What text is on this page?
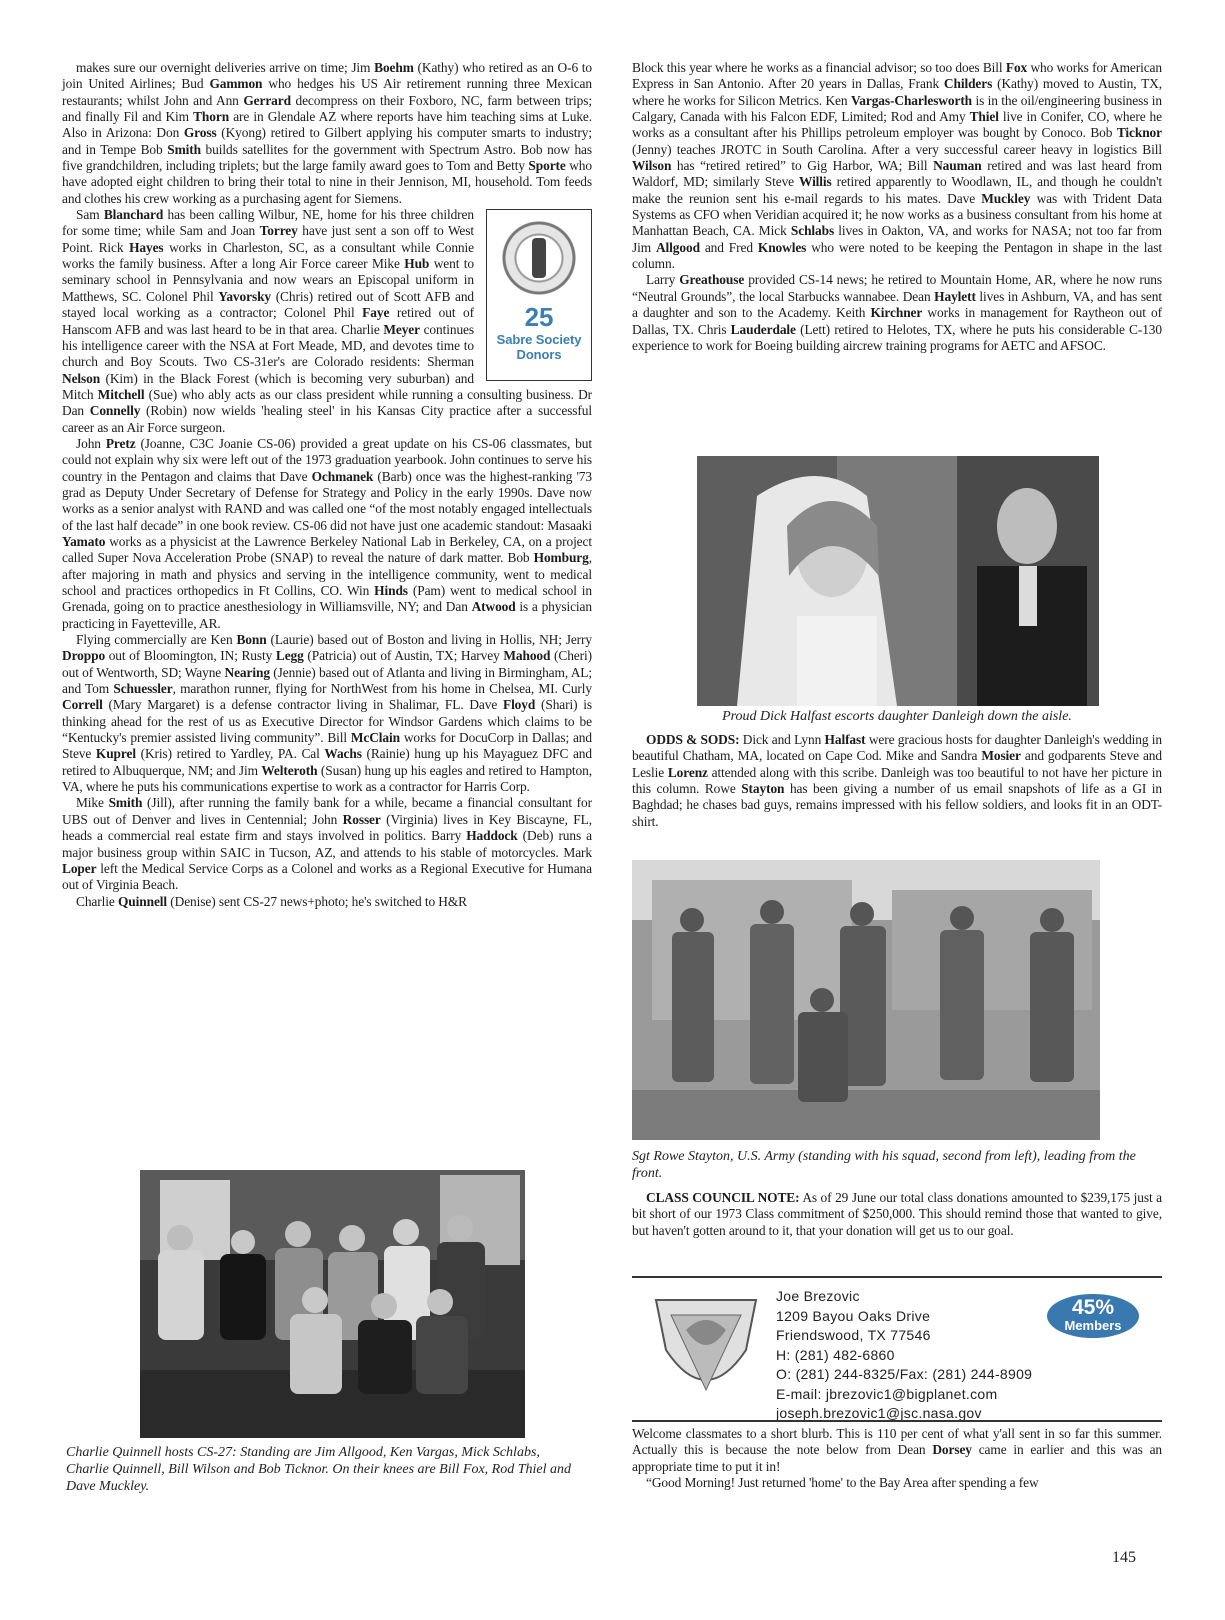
makes sure our overnight deliveries arrive on time; Jim Boehm (Kathy) who retired as an O-6 to join United Airlines; Bud Gammon who hedges his US Air retirement running three Mexican restaurants; whilst John and Ann Gerrard decompress on their Foxboro, NC, farm between trips; and finally Fil and Kim Thorn are in Glendale AZ where reports have him teaching sims at Luke. Also in Arizona: Don Gross (Kyong) retired to Gilbert applying his computer smarts to industry; and in Tempe Bob Smith builds satellites for the government with Spectrum Astro. Bob now has five grandchildren, including triplets; but the large family award goes to Tom and Betty Sporte who have adopted eight children to bring their total to nine in their Jennison, MI, household. Tom feeds and clothes his crew working as a purchasing agent for Siemens.

25
Sabre Society
Donors

Sam Blanchard has been calling Wilbur, NE, home for his three children for some time; while Sam and Joan Torrey have just sent a son off to West Point. Rick Hayes works in Charleston, SC, as a consultant while Connie works the family business. After a long Air Force career Mike Hub went to seminary school in Pennsylvania and now wears an Episcopal uniform in Matthews, SC. Colonel Phil Yavorsky (Chris) retired out of Scott AFB and stayed local working as a contractor; Colonel Phil Faye retired out of Hanscom AFB and was last heard to be in that area. Charlie Meyer continues his intelligence career with the NSA at Fort Meade, MD, and devotes time to church and Boy Scouts. Two CS-31er's are Colorado residents: Sherman Nelson (Kim) in the Black Forest (which is becoming very suburban) and Mitch Mitchell (Sue) who ably acts as our class president while running a consulting business. Dr Dan Connelly (Robin) now wields 'healing steel' in his Kansas City practice after a successful career as an Air Force surgeon.

John Pretz (Joanne, C3C Joanie CS-06) provided a great update on his CS-06 classmates, but could not explain why six were left out of the 1973 graduation yearbook. John continues to serve his country in the Pentagon and claims that Dave Ochmanek (Barb) once was the highest-ranking '73 grad as Deputy Under Secretary of Defense for Strategy and Policy in the early 1990s. Dave now works as a senior analyst with RAND and was called one “of the most notably engaged intellectuals of the last half decade” in one book review. CS-06 did not have just one academic standout: Masaaki Yamato works as a physicist at the Lawrence Berkeley National Lab in Berkeley, CA, on a project called Super Nova Acceleration Probe (SNAP) to reveal the nature of dark matter. Bob Homburg, after majoring in math and physics and serving in the intelligence community, went to medical school and practices orthopedics in Ft Collins, CO. Win Hinds (Pam) went to medical school in Grenada, going on to practice anesthesiology in Williamsville, NY; and Dan Atwood is a physician practicing in Fayetteville, AR.

Flying commercially are Ken Bonn (Laurie) based out of Boston and living in Hollis, NH; Jerry Droppo out of Bloomington, IN; Rusty Legg (Patricia) out of Austin, TX; Harvey Mahood (Cheri) out of Wentworth, SD; Wayne Nearing (Jennie) based out of Atlanta and living in Birmingham, AL; and Tom Schuessler, marathon runner, flying for NorthWest from his home in Chelsea, MI. Curly Correll (Mary Margaret) is a defense contractor living in Shalimar, FL. Dave Floyd (Shari) is thinking ahead for the rest of us as Executive Director for Windsor Gardens which claims to be “Kentucky's premier assisted living community”. Bill McClain works for DocuCorp in Dallas; and Steve Kuprel (Kris) retired to Yardley, PA. Cal Wachs (Rainie) hung up his Mayaguez DFC and retired to Albuquerque, NM; and Jim Welteroth (Susan) hung up his eagles and retired to Hampton, VA, where he puts his communications expertise to work as a contractor for Harris Corp.

Mike Smith (Jill), after running the family bank for a while, became a financial consultant for UBS out of Denver and lives in Centennial; John Rosser (Virginia) lives in Key Biscayne, FL, heads a commercial real estate firm and stays involved in politics. Barry Haddock (Deb) runs a major business group within SAIC in Tucson, AZ, and attends to his stable of motorcycles. Mark Loper left the Medical Service Corps as a Colonel and works as a Regional Executive for Humana out of Virginia Beach.

Charlie Quinnell (Denise) sent CS-27 news+photo; he's switched to H&R

Charlie Quinnell hosts CS-27: Standing are Jim Allgood, Ken Vargas, Mick Schlabs, Charlie Quinnell, Bill Wilson and Bob Ticknor. On their knees are Bill Fox, Rod Thiel and Dave Muckley.

Block this year where he works as a financial advisor; so too does Bill Fox who works for American Express in San Antonio. After 20 years in Dallas, Frank Childers (Kathy) moved to Austin, TX, where he works for Silicon Metrics. Ken Vargas-Charlesworth is in the oil/engineering business in Calgary, Canada with his Falcon EDF, Limited; Rod and Amy Thiel live in Conifer, CO, where he works as a consultant after his Phillips petroleum employer was bought by Conoco. Bob Ticknor (Jenny) teaches JROTC in South Carolina. After a very successful career heavy in logistics Bill Wilson has “retired retired” to Gig Harbor, WA; Bill Nauman retired and was last heard from Waldorf, MD; similarly Steve Willis retired apparently to Woodlawn, IL, and though he couldn't make the reunion sent his e-mail regards to his mates. Dave Muckley was with Trident Data Systems as CFO when Veridian acquired it; he now works as a business consultant from his home at Manhattan Beach, CA. Mick Schlabs lives in Oakton, VA, and works for NASA; not too far from Jim Allgood and Fred Knowles who were noted to be keeping the Pentagon in shape in the last column.

Larry Greathouse provided CS-14 news; he retired to Mountain Home, AR, where he now runs “Neutral Grounds”, the local Starbucks wannabee. Dean Haylett lives in Ashburn, VA, and has sent a daughter and son to the Academy. Keith Kirchner works in management for Raytheon out of Dallas, TX. Chris Lauderdale (Lett) retired to Helotes, TX, where he puts his considerable C-130 experience to work for Boeing building aircrew training programs for AETC and AFSOC.

Proud Dick Halfast escorts daughter Danleigh down the aisle.

ODDS & SODS: Dick and Lynn Halfast were gracious hosts for daughter Danleigh's wedding in beautiful Chatham, MA, located on Cape Cod. Mike and Sandra Mosier and godparents Steve and Leslie Lorenz attended along with this scribe. Danleigh was too beautiful to not have her picture in this column. Rowe Stayton has been giving a number of us email snapshots of life as a GI in Baghdad; he chases bad guys, remains impressed with his fellow soldiers, and looks fit in an ODT-shirt.

Sgt Rowe Stayton, U.S. Army (standing with his squad, second from left), leading from the front.

CLASS COUNCIL NOTE: As of 29 June our total class donations amounted to $239,175 just a bit short of our 1973 Class commitment of $250,000. This should remind those that wanted to give, but haven't gotten around to it, that your donation will get us to our goal.

Joe Brezovic
1209 Bayou Oaks Drive
Friendswood, TX 77546
H: (281) 482-6860
O: (281) 244-8325/Fax: (281) 244-8909
E-mail: jbrezovic1@bigplanet.com
joseph.brezovic1@jsc.nasa.gov
45%
Members

Welcome classmates to a short blurb. This is 110 per cent of what y'all sent in so far this summer. Actually this is because the note below from Dean Dorsey came in earlier and this was an appropriate time to put it in!

“Good Morning! Just returned 'home' to the Bay Area after spending a few

145
